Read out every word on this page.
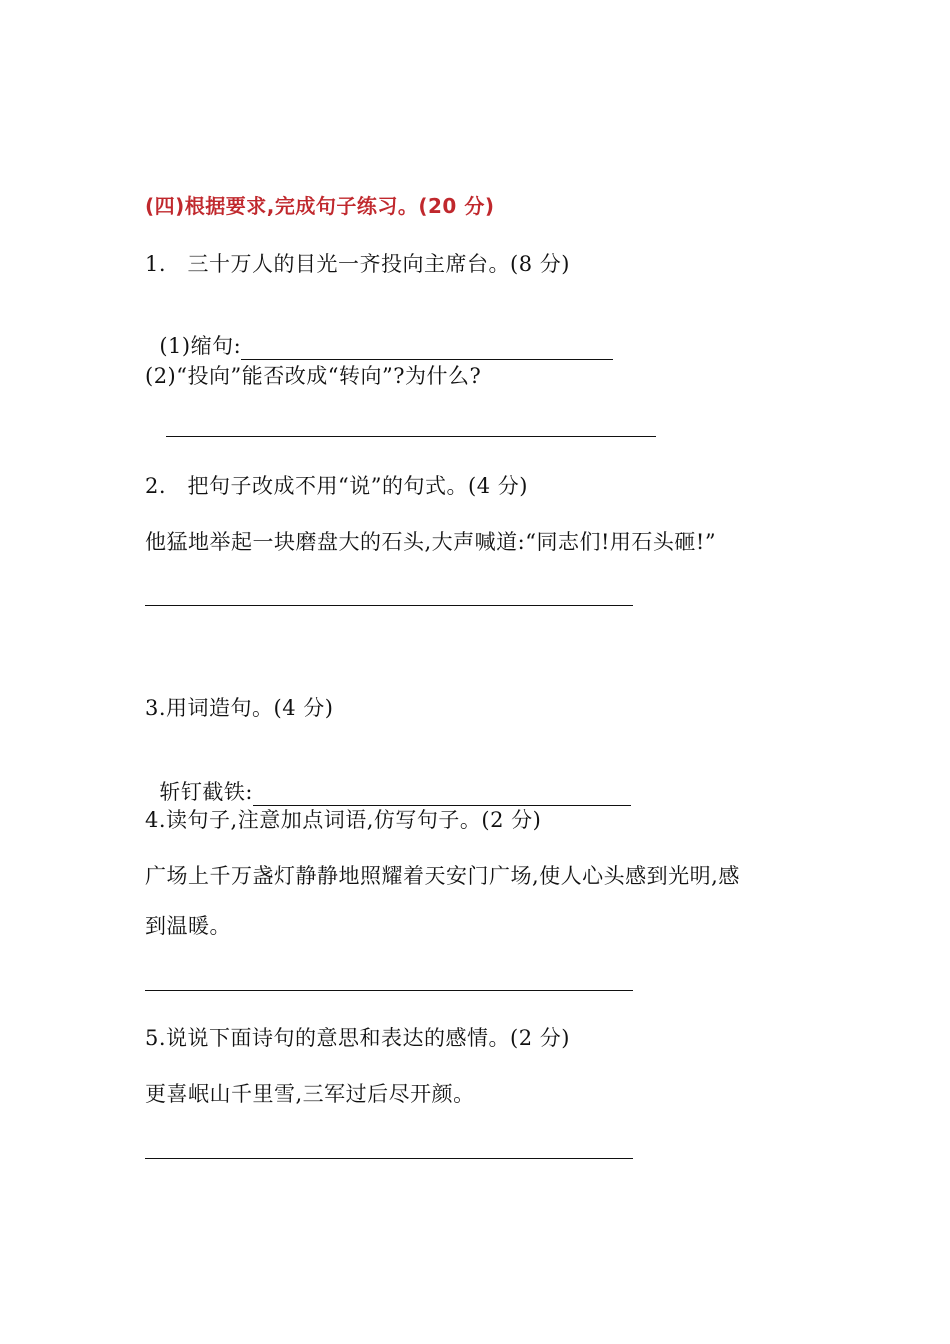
(四)根据要求,完成句子练习。(20 分)
1.   三十万人的目光一齐投向主席台。(8 分)

(1)缩句:

(2)“投向”能否改成“转向”?为什么?
2.   把句子改成不用“说”的句式。(4 分)
他猛地举起一块磨盘大的石头,大声喊道:“同志们!用石头砸!”
3.用词造句。(4 分)

斩钉截铁:

4.读句子,注意加点词语,仿写句子。(2 分)
广场上千万盏灯静静地照耀着天安门广场,使人心头感到光明,感
到温暖。
5.说说下面诗句的意思和表达的感情。(2 分)
更喜岷山千里雪,三军过后尽开颜。
